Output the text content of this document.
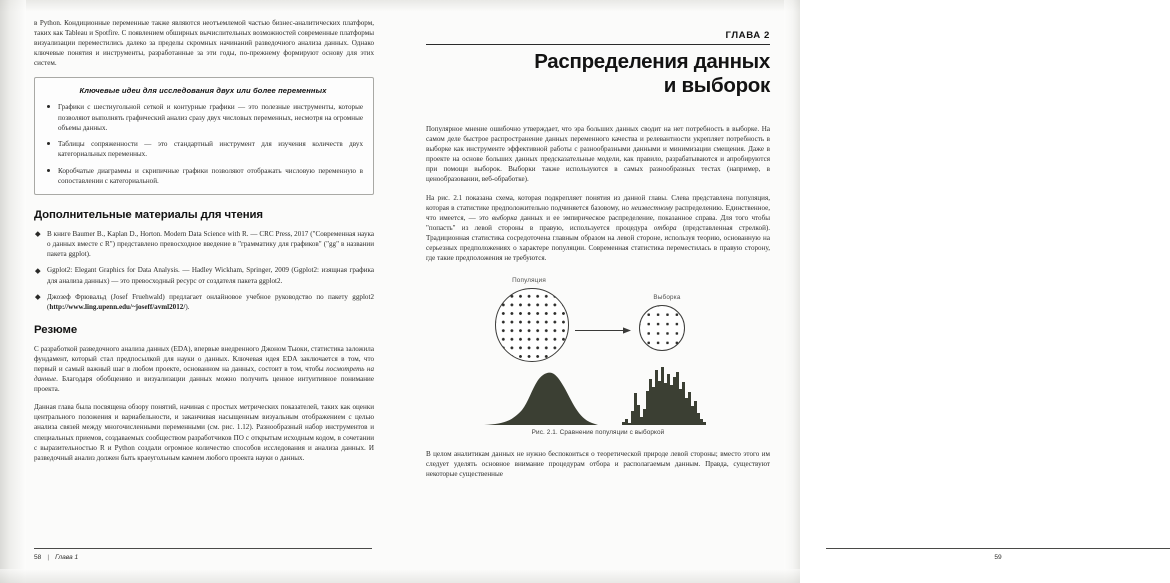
в Python. Кондиционные переменные также являются неотъемлемой частью бизнес-аналитических платформ, таких как Tableau и Spotfire. С появлением обширных вычислительных возможностей современные платформы визуализации переместились далеко за пределы скромных начинаний разведочного анализа данных. Однако ключевые понятия и инструменты, разработанные за эти годы, по-прежнему формируют основу для этих систем.

Ключевые идеи для исследования двух или более переменных
Графики с шестиугольной сеткой и контурные графики — это полезные инструменты, которые позволяют выполнять графический анализ сразу двух числовых переменных, несмотря на огромные объемы данных.
Таблицы сопряженности — это стандартный инструмент для изучения количеств двух категориальных переменных.
Коробчатые диаграммы и скрипичные графики позволяют отображать числовую переменную в сопоставлении с категориальной.
Дополнительные материалы для чтения
В книге Baumer B., Kaplan D., Horton. Modern Data Science with R. — CRC Press, 2017 ("Современная наука о данных вместе с R") представлено превосходное введение в "грамматику для графиков" ("gg" в названии пакета ggplot).
Ggplot2: Elegant Graphics for Data Analysis. — Hadley Wickham, Springer, 2009 (Ggplot2: изящная графика для анализа данных) — это превосходный ресурс от создателя пакета ggplot2.
Джозеф Фрювальд (Josef Fruehwald) предлагает онлайновое учебное руководство по пакету ggplot2 (http://www.ling.upenn.edu/~joseff/avml2012/).
Резюме

С разработкой разведочного анализа данных (EDA), впервые внедренного Джоном Тьюки, статистика заложила фундамент, который стал предпосылкой для науки о данных. Ключевая идея EDA заключается в том, что первый и самый важный шаг в любом проекте, основанном на данных, состоит в том, чтобы посмотреть на данные. Благодаря обобщению и визуализации данных можно получить ценное интуитивное понимание проекта.

Данная глава была посвящена обзору понятий, начиная с простых метрических показателей, таких как оценки центрального положения и вариабельности, и заканчивая насыщенным визуальным отображением с целью анализа связей между многочисленными переменными (см. рис. 1.12). Разнообразный набор инструментов и специальных приемов, создаваемых сообществом разработчиков ПО с открытым исходным кодом, в сочетании с выразительностью R и Python создали огромное количество способов исследования и анализа данных. И разведочный анализ должен быть краеугольным камнем любого проекта науки о данных.

58 | Глава 1
ГЛАВА 2
Распределения данных
и выборок

Популярное мнение ошибочно утверждает, что эра больших данных сводит на нет потребность в выборке. На самом деле быстрое распространение данных переменного качества и релевантности укрепляет потребность в выборке как инструменте эффективной работы с разнообразными данными и минимизации смещения. Даже в проекте на основе больших данных предсказательные модели, как правило, разрабатываются и апробируются при помощи выборок. Выборки также используются в самых разнообразных тестах (например, в ценообразовании, веб-обработке).

На рис. 2.1 показана схема, которая подкрепляет понятия из данной главы. Слева представлена популяция, которая в статистике предположительно подчиняется базовому, но неизвестному распределению. Единственное, что имеется, — это выборка данных и ее эмпирическое распределение, показанное справа. Для того чтобы "попасть" из левой стороны в правую, используется процедура отбора (представленная стрелкой). Традиционная статистика сосредоточена главным образом на левой стороне, используя теорию, основанную на серьезных предположениях о характере популяции. Современная статистика переместилась в правую сторону, где такие предположения не требуются.

Популяция
Выборка
Рис. 2.1. Сравнение популяции с выборкой

В целом аналитикам данных не нужно беспокоиться о теоретической природе левой стороны; вместо этого им следует уделять основное внимание процедурам отбора и располагаемым данным. Правда, существуют некоторые существенные

59
